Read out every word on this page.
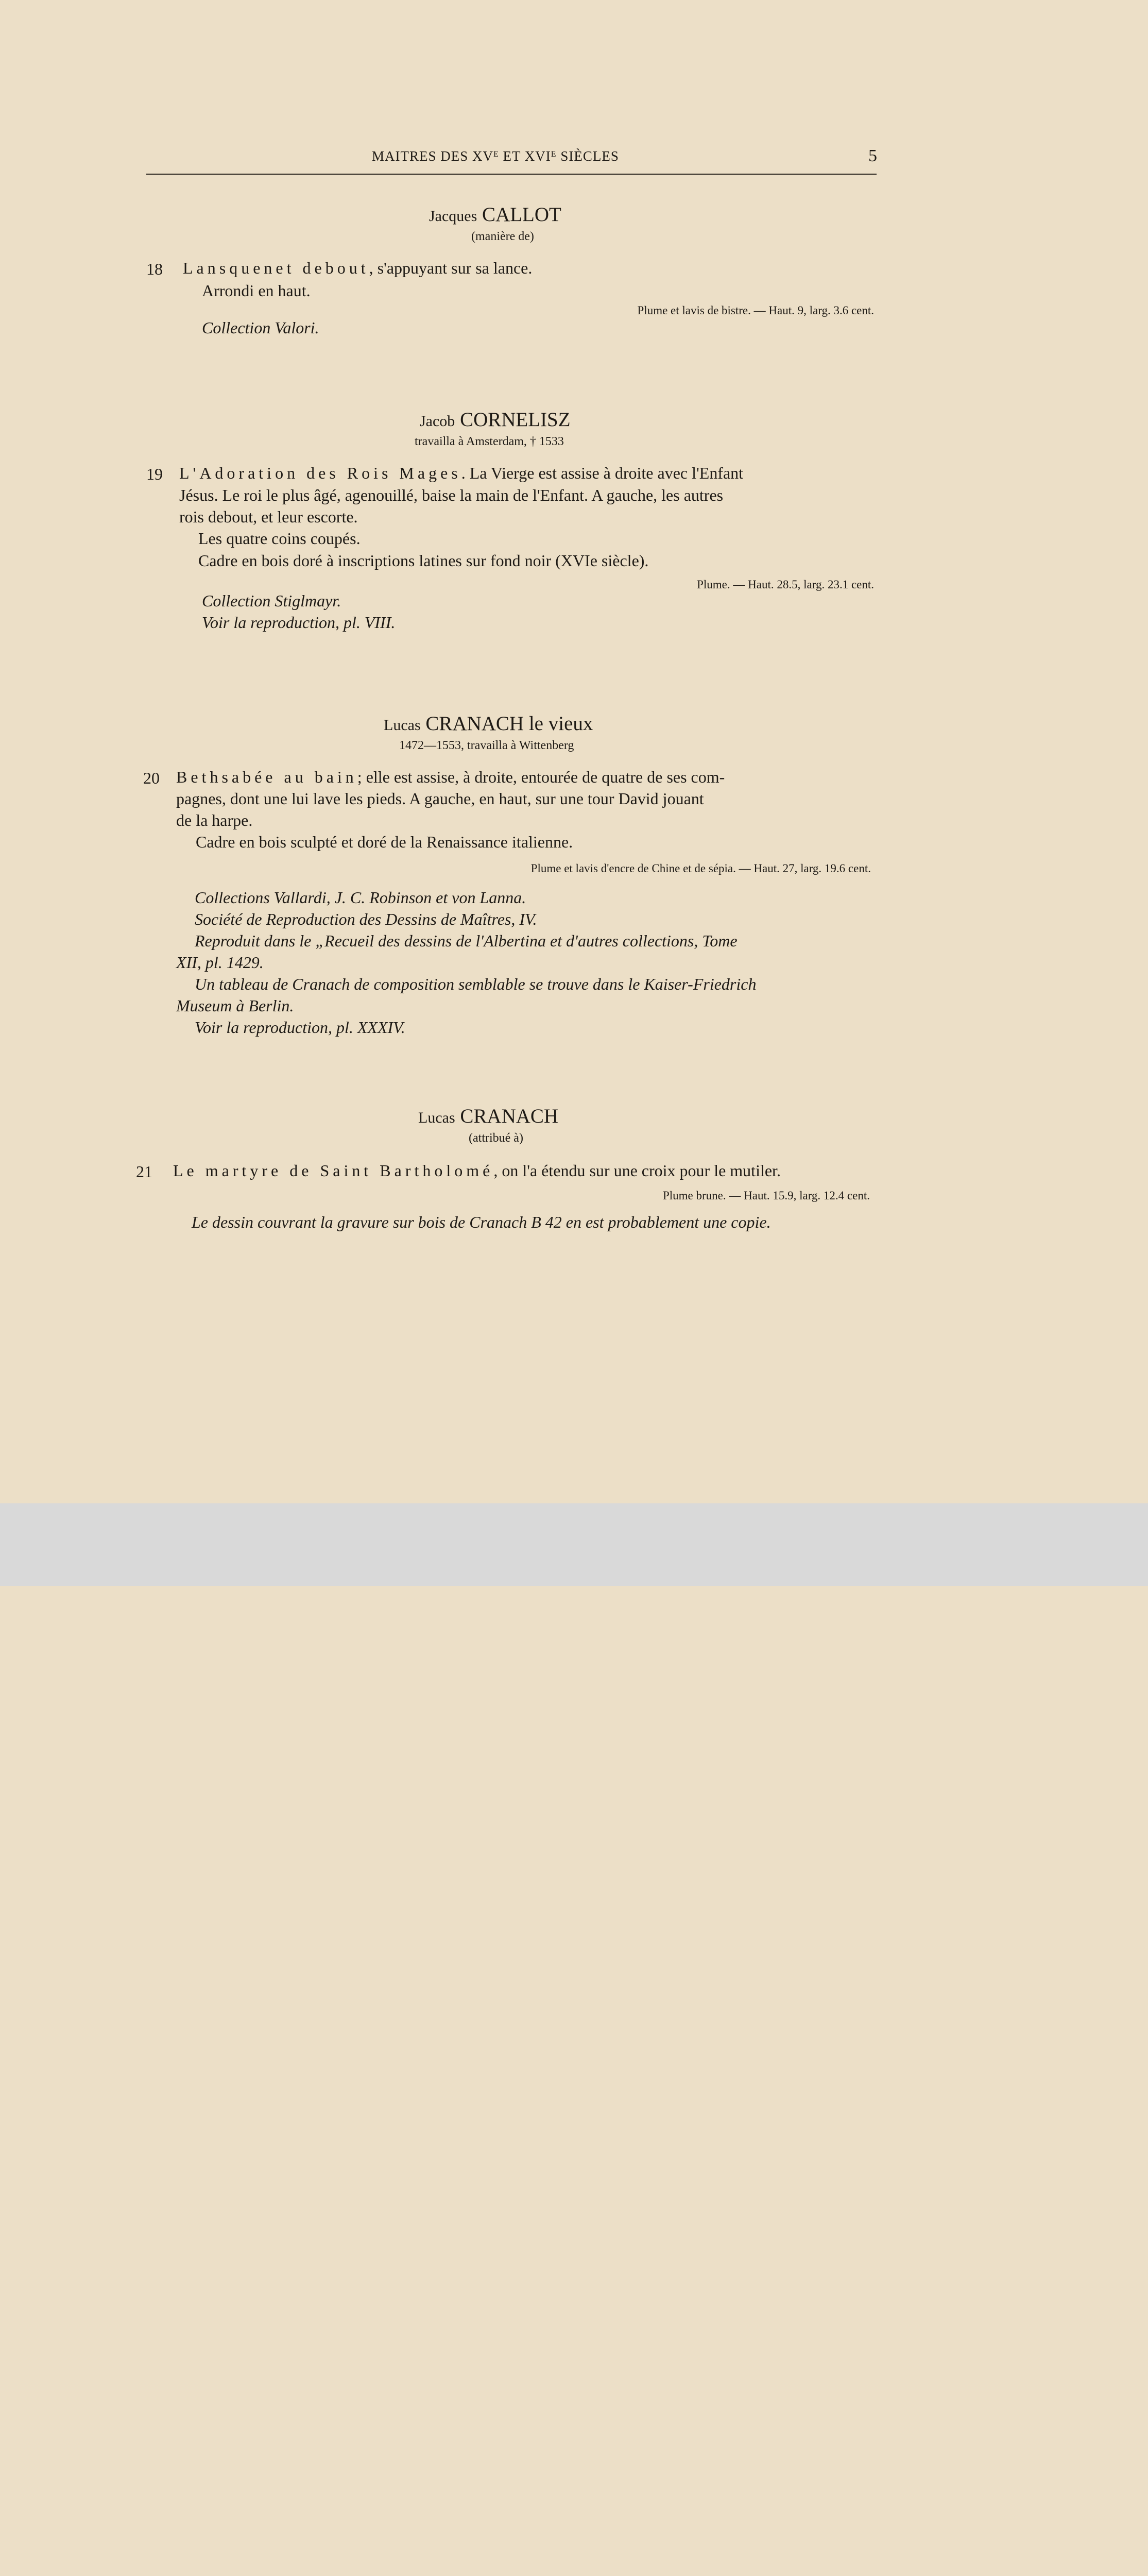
MAITRES DES $XV^E$ ET $XVI^E$ SIÈCLES	5
Jacques CALLOT
(manière de)
18 Lansquenet debout, s'appuyant sur sa lance.
Arrondi en haut.
Plume et lavis de bistre. — Haut. 9, larg. 3.6 cent.
Collection Valori.
Jacob CORNELISZ
travailla à Amsterdam, † 1533
19 L'Adoration des Rois Mages. La Vierge est assise à droite avec l'Enfant
Jésus. Le roi le plus âgé, agenouillé, baise la main de l'Enfant. A gauche, les autres
rois debout, et leur escorte.
Les quatre coins coupés.
Cadre en bois doré à inscriptions latines sur fond noir (XVIe siècle).
Plume. — Haut. 28.5, larg. 23.1 cent.
Collection Stiglmayr.
Voir la reproduction, pl. VIII.
Lucas CRANACH le vieux
1472—1553, travailla à Wittenberg
20 Bethsabée au bain; elle est assise, à droite, entourée de quatre de ses com-
pagnes, dont une lui lave les pieds. A gauche, en haut, sur une tour David jouant
de la harpe.
Cadre en bois sculpté et doré de la Renaissance italienne.
Plume et lavis d'encre de Chine et de sépia. — Haut. 27, larg. 19.6 cent.
Collections Vallardi, J. C. Robinson et von Lanna.
Société de Reproduction des Dessins de Maîtres, IV.
Reproduit dans le „Recueil des dessins de l'Albertina et d'autres collections, Tome
XII, pl. 1429.
Un tableau de Cranach de composition semblable se trouve dans le Kaiser-Friedrich
Museum à Berlin.
Voir la reproduction, pl. XXXIV.
Lucas CRANACH
(attribué à)
21 Le martyre de Saint Bartholomé, on l'a étendu sur une croix pour le mutiler.
Plume brune. — Haut. 15.9, larg. 12.4 cent.
Le dessin couvrant la gravure sur bois de Cranach B 42 en est probablement une copie.
